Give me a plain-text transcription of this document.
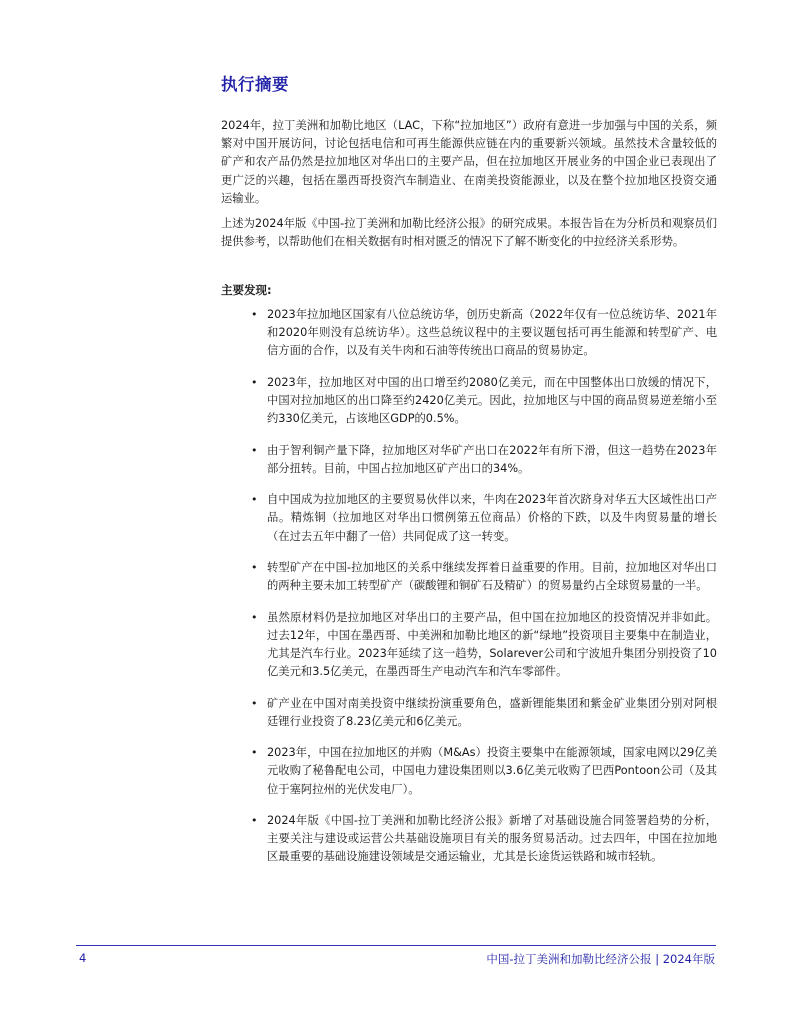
执行摘要

2024年，拉丁美洲和加勒比地区（LAC，下称“拉加地区”）政府有意进一步加强与中国的关系，频繁对中国开展访问，讨论包括电信和可再生能源供应链在内的重要新兴领域。虽然技术含量较低的矿产和农产品仍然是拉加地区对华出口的主要产品，但在拉加地区开展业务的中国企业已表现出了更广泛的兴趣，包括在墨西哥投资汽车制造业、在南美投资能源业，以及在整个拉加地区投资交通运输业。

上述为2024年版《中国-拉丁美洲和加勒比经济公报》的研究成果。本报告旨在为分析员和观察员们提供参考，以帮助他们在相关数据有时相对匮乏的情况下了解不断变化的中拉经济关系形势。

主要发现:
• 2023年拉加地区国家有八位总统访华，创历史新高（2022年仅有一位总统访华、2021年和2020年则没有总统访华）。这些总统议程中的主要议题包括可再生能源和转型矿产、电信方面的合作，以及有关牛肉和石油等传统出口商品的贸易协定。
• 2023年，拉加地区对中国的出口增至约2080亿美元，而在中国整体出口放缓的情况下，中国对拉加地区的出口降至约2420亿美元。因此，拉加地区与中国的商品贸易逆差缩小至约330亿美元，占该地区GDP的0.5%。
• 由于智利铜产量下降，拉加地区对华矿产出口在2022年有所下滑，但这一趋势在2023年部分扭转。目前，中国占拉加地区矿产出口的34%。
• 自中国成为拉加地区的主要贸易伙伴以来，牛肉在2023年首次跻身对华五大区域性出口产品。精炼铜（拉加地区对华出口惯例第五位商品）价格的下跌，以及牛肉贸易量的增长（在过去五年中翻了一倍）共同促成了这一转变。
• 转型矿产在中国-拉加地区的关系中继续发挥着日益重要的作用。目前，拉加地区对华出口的两种主要未加工转型矿产（碳酸锂和铜矿石及精矿）的贸易量约占全球贸易量的一半。
• 虽然原材料仍是拉加地区对华出口的主要产品，但中国在拉加地区的投资情况并非如此。过去12年，中国在墨西哥、中美洲和加勒比地区的新“绿地”投资项目主要集中在制造业，尤其是汽车行业。2023年延续了这一趋势，Solarever公司和宁波旭升集团分别投资了10亿美元和3.5亿美元，在墨西哥生产电动汽车和汽车零部件。
• 矿产业在中国对南美投资中继续扮演重要角色，盛新锂能集团和紫金矿业集团分别对阿根廷锂行业投资了8.23亿美元和6亿美元。
• 2023年，中国在拉加地区的并购（M&As）投资主要集中在能源领域，国家电网以29亿美元收购了秘鲁配电公司，中国电力建设集团则以3.6亿美元收购了巴西Pontoon公司（及其位于塞阿拉州的光伏发电厂）。
• 2024年版《中国-拉丁美洲和加勒比经济公报》新增了对基础设施合同签署趋势的分析，主要关注与建设或运营公共基础设施项目有关的服务贸易活动。过去四年，中国在拉加地区最重要的基础设施建设领域是交通运输业，尤其是长途货运铁路和城市轻轨。
4	中国-拉丁美洲和加勒比经济公报 | 2024年版
